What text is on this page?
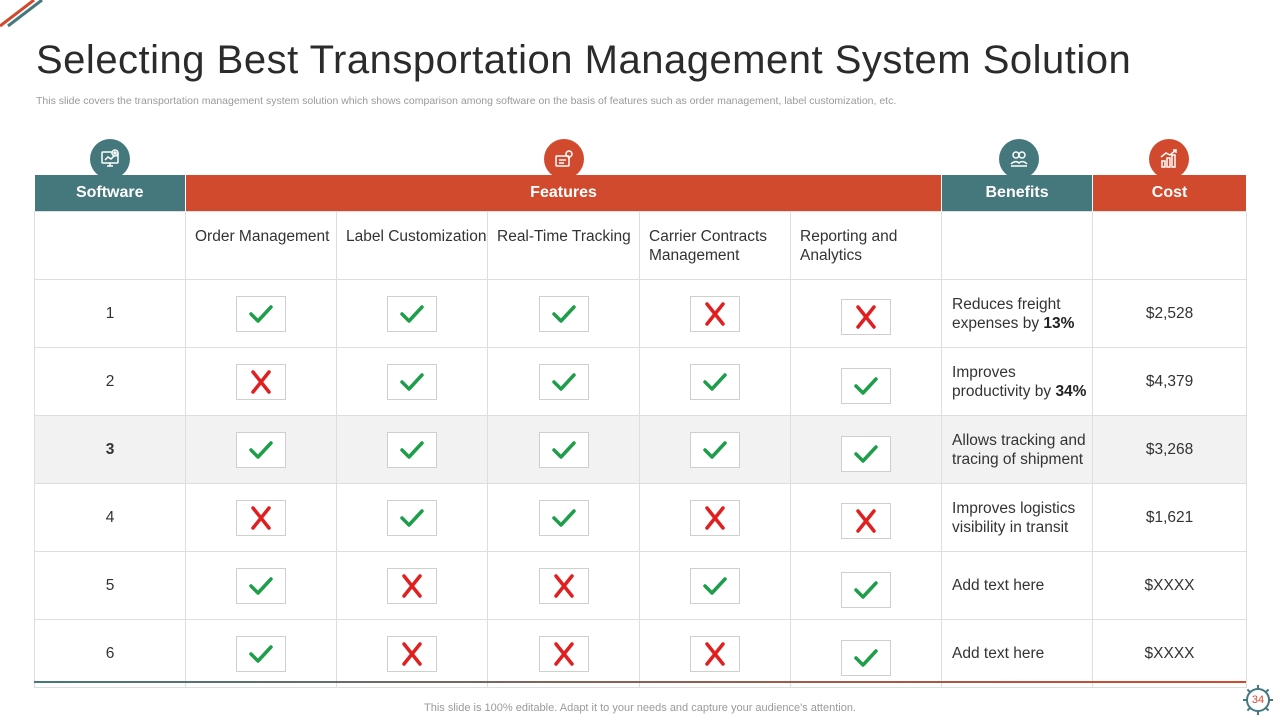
Selecting Best Transportation Management System Solution
This slide covers the transportation management system solution which shows comparison among software on the basis of features such as order management, label customization, etc.
Software	Features					Benefits	Cost

	Order Management	Label Customization	Real-Time Tracking	Carrier Contracts Management	Reporting and Analytics		

1						Reduces freight expenses by 13%	$2,528
2						Improves productivity by 34%	$4,379
3						Allows tracking and tracing of shipment	$3,268
4						Improves logistics visibility in transit	$1,621
5						Add text here	$XXXX
6						Add text here	$XXXX
This slide is 100% editable. Adapt it to your needs and capture your audience's attention.
34
